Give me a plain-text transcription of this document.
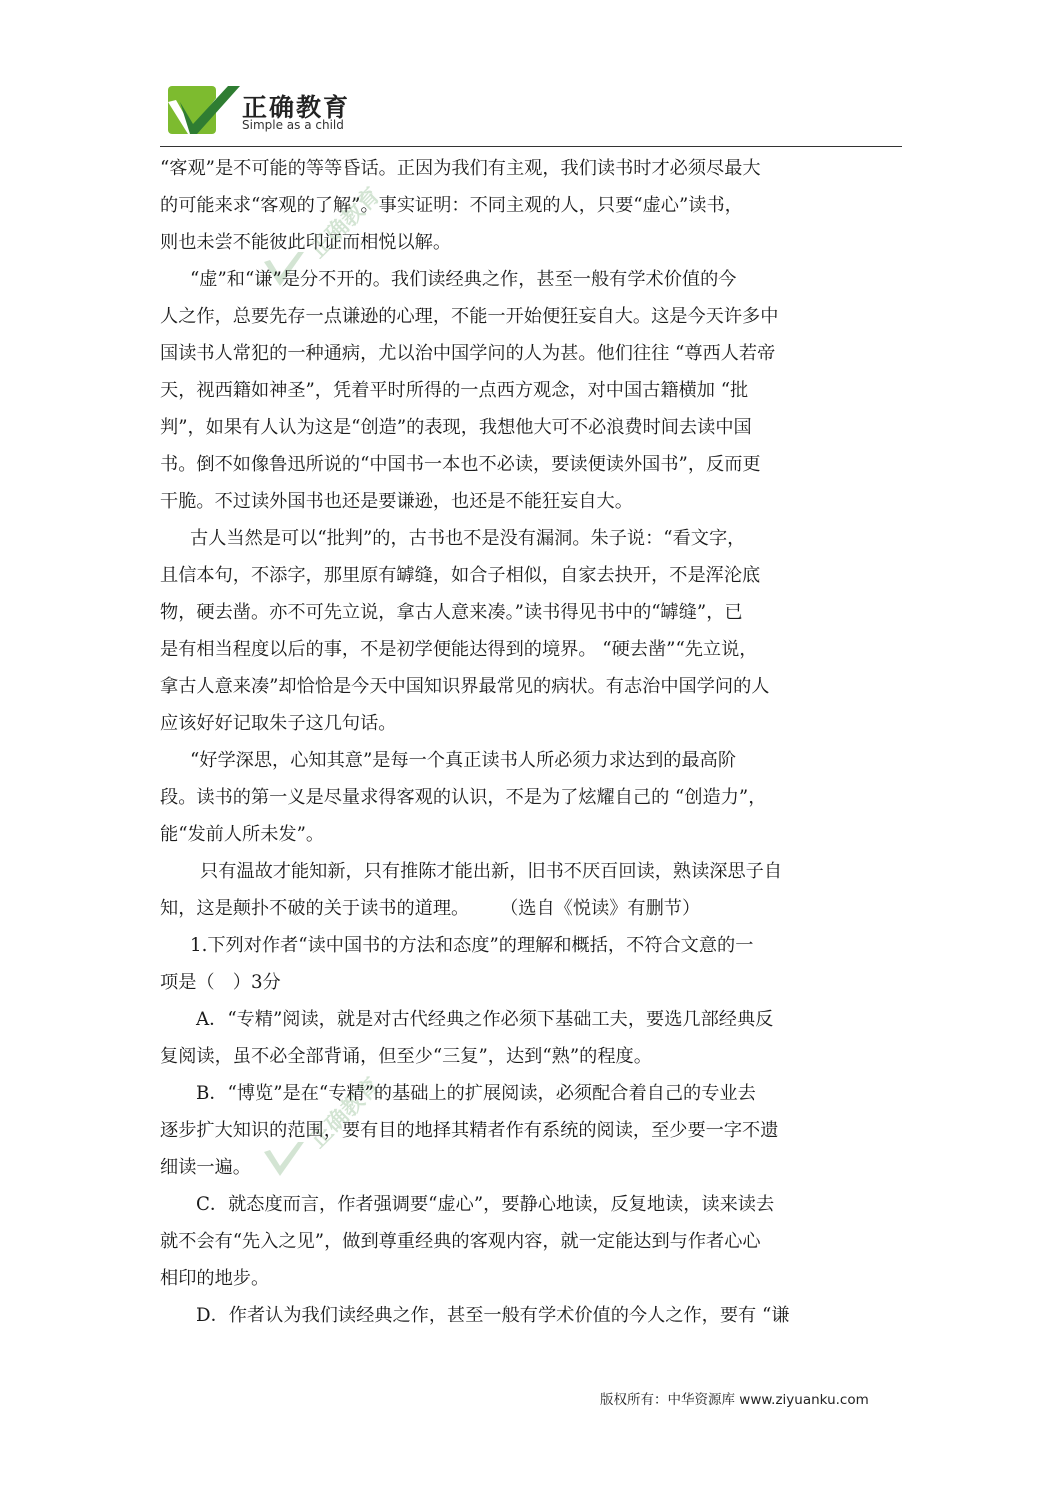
正确教育
Simple as a child
正确教育
正确教育
“客观”是不可能的等等昏话。正因为我们有主观，我们读书时才必须尽最大
的可能来求“客观的了解”。事实证明：不同主观的人，只要“虚心”读书，
则也未尝不能彼此印证而相悦以解。
“虚”和“谦”是分不开的。我们读经典之作，甚至一般有学术价值的今
人之作，总要先存一点谦逊的心理，不能一开始便狂妄自大。这是今天许多中
国读书人常犯的一种通病，尤以治中国学问的人为甚。他们往往 “尊西人若帝
天，视西籍如神圣”，凭着平时所得的一点西方观念，对中国古籍横加 “批
判”，如果有人认为这是“创造”的表现，我想他大可不必浪费时间去读中国
书。倒不如像鲁迅所说的“中国书一本也不必读，要读便读外国书”，反而更
干脆。不过读外国书也还是要谦逊，也还是不能狂妄自大。
古人当然是可以“批判”的，古书也不是没有漏洞。朱子说：“看文字，
且信本句，不添字，那里原有罅缝，如合子相似，自家去抉开，不是浑沦底
物，硬去凿。亦不可先立说，拿古人意来凑。”读书得见书中的“罅缝”，已
是有相当程度以后的事，不是初学便能达得到的境界。 “硬去凿”“先立说，
拿古人意来凑”却恰恰是今天中国知识界最常见的病状。有志治中国学问的人
应该好好记取朱子这几句话。
“好学深思，心知其意”是每一个真正读书人所必须力求达到的最高阶
段。读书的第一义是尽量求得客观的认识，不是为了炫耀自己的 “创造力”，
能“发前人所未发”。
只有温故才能知新，只有推陈才能出新，旧书不厌百回读，熟读深思子自
知，这是颠扑不破的关于读书的道理。 （选自《悦读》有删节）
1.下列对作者“读中国书的方法和态度”的理解和概括，不符合文意的一
项是（　）3分
A．“专精”阅读，就是对古代经典之作必须下基础工夫，要选几部经典反
复阅读，虽不必全部背诵，但至少“三复”，达到“熟”的程度。
B．“博览”是在“专精”的基础上的扩展阅读，必须配合着自己的专业去
逐步扩大知识的范围，要有目的地择其精者作有系统的阅读，至少要一字不遗
细读一遍。
C．就态度而言，作者强调要“虚心”，要静心地读，反复地读，读来读去
就不会有“先入之见”，做到尊重经典的客观内容，就一定能达到与作者心心
相印的地步。
D．作者认为我们读经典之作，甚至一般有学术价值的今人之作，要有 “谦
版权所有：中华资源库 www.ziyuanku.com
